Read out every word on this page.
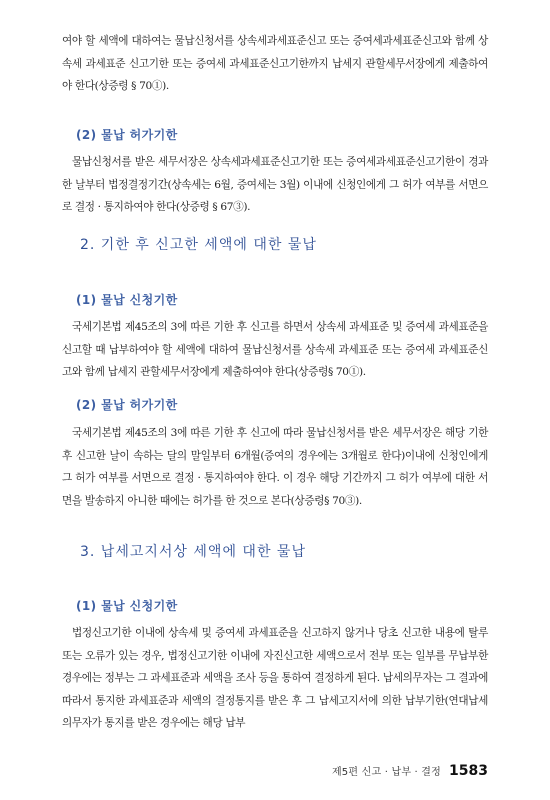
여야 할 세액에 대하여는 물납신청서를 상속세과세표준신고 또는 증여세과세표준신고와 함께 상속세 과세표준 신고기한 또는 증여세 과세표준신고기한까지 납세지 관할세무서장에게 제출하여야 한다(상증령 § 70①).

(2) 물납 허가기한

물납신청서를 받은 세무서장은 상속세과세표준신고기한 또는 증여세과세표준신고기한이 경과한 날부터 법정결정기간(상속세는 6월, 증여세는 3월) 이내에 신청인에게 그 허가 여부를 서면으로 결정 · 통지하여야 한다(상증령 § 67③).

2. 기한 후 신고한 세액에 대한 물납
(1) 물납 신청기한

국세기본법 제45조의 3에 따른 기한 후 신고를 하면서 상속세 과세표준 및 증여세 과세표준을 신고할 때 납부하여야 할 세액에 대하여 물납신청서를 상속세 과세표준 또는 증여세 과세표준신고와 함께 납세지 관할세무서장에게 제출하여야 한다(상증령§ 70①).

(2) 물납 허가기한

국세기본법 제45조의 3에 따른 기한 후 신고에 따라 물납신청서를 받은 세무서장은 해당 기한 후 신고한 날이 속하는 달의 말일부터 6개월(증여의 경우에는 3개월로 한다)이내에 신청인에게 그 허가 여부를 서면으로 결정 · 통지하여야 한다. 이 경우 해당 기간까지 그 허가 여부에 대한 서면을 발송하지 아니한 때에는 허가를 한 것으로 본다(상증령§ 70③).

3. 납세고지서상 세액에 대한 물납
(1) 물납 신청기한

법정신고기한 이내에 상속세 및 증여세 과세표준을 신고하지 않거나 당초 신고한 내용에 탈루 또는 오류가 있는 경우, 법정신고기한 이내에 자진신고한 세액으로서 전부 또는 일부를 무납부한 경우에는 정부는 그 과세표준과 세액을 조사 등을 통하여 결정하게 된다. 납세의무자는 그 결과에 따라서 통지한 과세표준과 세액의 결정통지를 받은 후 그 납세고지서에 의한 납부기한(연대납세의무자가 통지를 받은 경우에는 해당 납부

제5편 신고 · 납부 · 결정 1583
